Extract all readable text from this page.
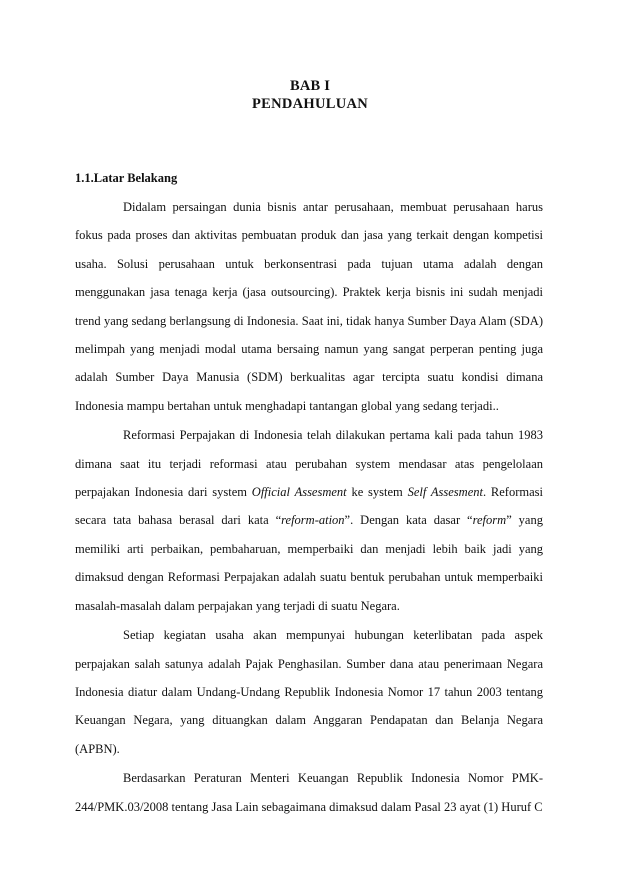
BAB I
PENDAHULUAN
1.1.Latar Belakang

Didalam persaingan dunia bisnis antar perusahaan, membuat perusahaan harus fokus pada proses dan aktivitas pembuatan produk dan jasa yang terkait dengan kompetisi usaha. Solusi perusahaan untuk berkonsentrasi pada tujuan utama adalah dengan menggunakan jasa tenaga kerja (jasa outsourcing). Praktek kerja bisnis ini sudah menjadi trend yang sedang berlangsung di Indonesia. Saat ini, tidak hanya Sumber Daya Alam (SDA) melimpah yang menjadi modal utama bersaing namun yang sangat perperan penting juga adalah Sumber Daya Manusia (SDM) berkualitas agar tercipta suatu kondisi dimana Indonesia mampu bertahan untuk menghadapi tantangan global yang sedang terjadi..

Reformasi Perpajakan di Indonesia telah dilakukan pertama kali pada tahun 1983 dimana saat itu terjadi reformasi atau perubahan system mendasar atas pengelolaan perpajakan Indonesia dari system Official Assesment ke system Self Assesment. Reformasi secara tata bahasa berasal dari kata “reform-ation”. Dengan kata dasar “reform” yang memiliki arti perbaikan, pembaharuan, memperbaiki dan menjadi lebih baik jadi yang dimaksud dengan Reformasi Perpajakan adalah suatu bentuk perubahan untuk memperbaiki masalah-masalah dalam perpajakan yang terjadi di suatu Negara.

Setiap kegiatan usaha akan mempunyai hubungan keterlibatan pada aspek perpajakan salah satunya adalah Pajak Penghasilan. Sumber dana atau penerimaan Negara Indonesia diatur dalam Undang-Undang Republik Indonesia Nomor 17 tahun 2003 tentang Keuangan Negara, yang dituangkan dalam Anggaran Pendapatan dan Belanja Negara (APBN).

Berdasarkan Peraturan Menteri Keuangan Republik Indonesia Nomor PMK-244/PMK.03/2008 tentang Jasa Lain sebagaimana dimaksud dalam Pasal 23 ayat (1) Huruf C
